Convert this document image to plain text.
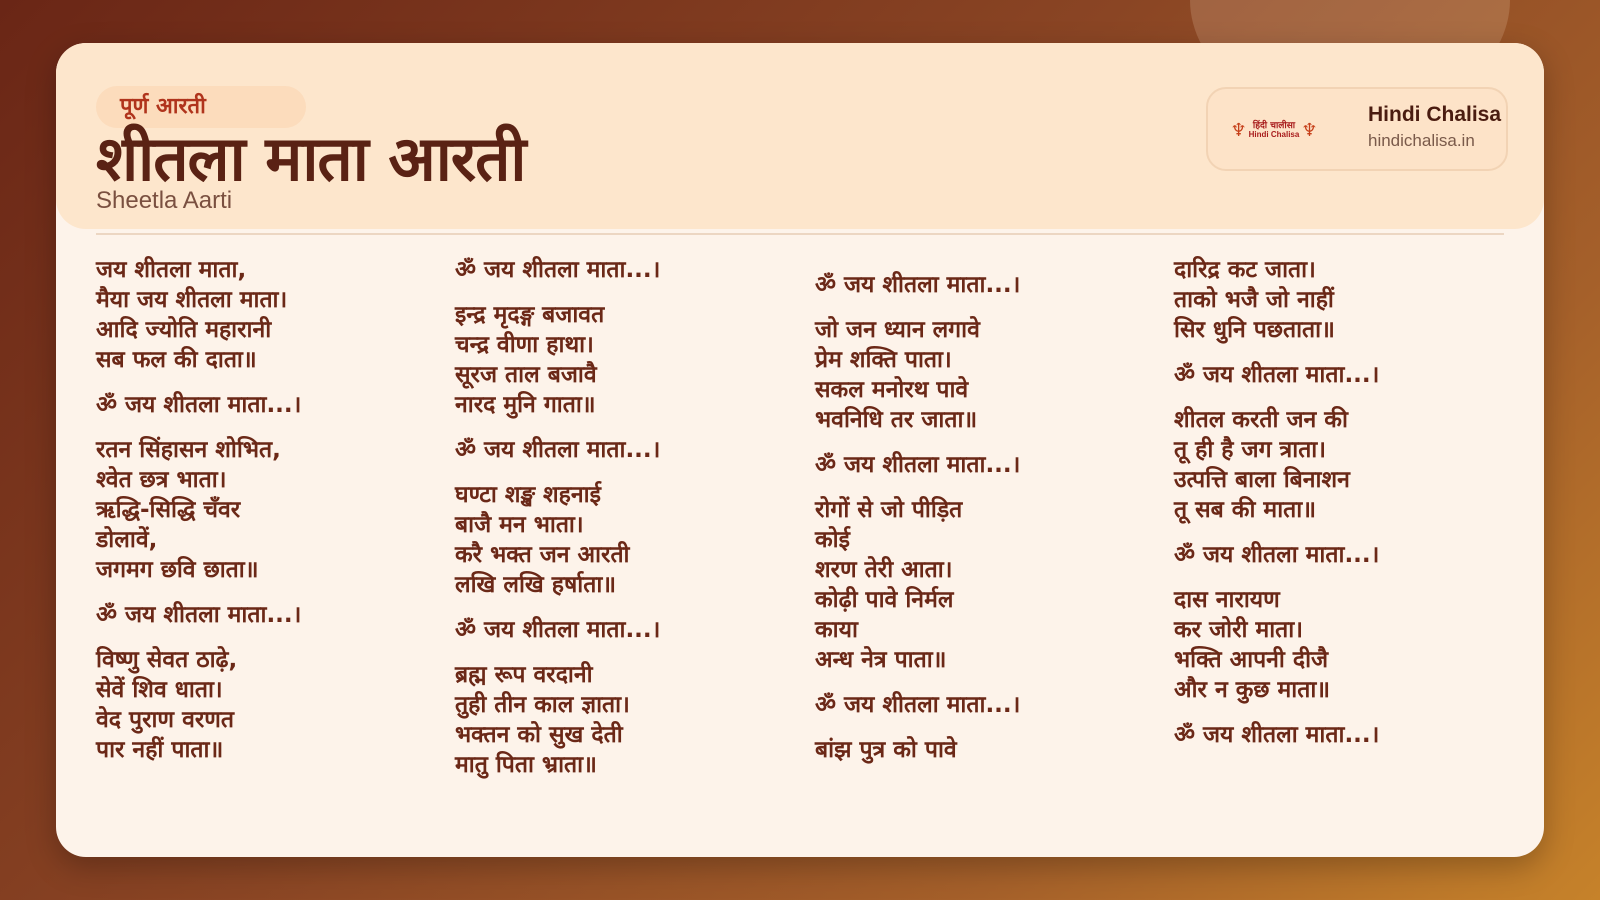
पूर्ण आरती
शीतला माता आरती
Sheetla Aarti
♆ हिंदी चालीसा
Hindi Chalisa ♆
Hindi Chalisa
hindichalisa.in
जय शीतला माता,
मैया जय शीतला माता।
आदि ज्योति महारानी
सब फल की दाता॥
ॐ जय शीतला माता...।
रतन सिंहासन शोभित,
श्वेत छत्र भाता।
ऋद्धि-सिद्धि चँवर
डोलावें,
जगमग छवि छाता॥
ॐ जय शीतला माता...।
विष्णु सेवत ठाढ़े,
सेवें शिव धाता।
वेद पुराण वरणत
पार नहीं पाता॥
ॐ जय शीतला माता...।
इन्द्र मृदङ्ग बजावत
चन्द्र वीणा हाथा।
सूरज ताल बजावै
नारद मुनि गाता॥
ॐ जय शीतला माता...।
घण्टा शङ्ख शहनाई
बाजै मन भाता।
करै भक्त जन आरती
लखि लखि हर्षाता॥
ॐ जय शीतला माता...।
ब्रह्म रूप वरदानी
तुही तीन काल ज्ञाता।
भक्तन को सुख देती
मातु पिता भ्राता॥
ॐ जय शीतला माता...।
जो जन ध्यान लगावे
प्रेम शक्ति पाता।
सकल मनोरथ पावे
भवनिधि तर जाता॥
ॐ जय शीतला माता...।
रोगों से जो पीड़ित
कोई
शरण तेरी आता।
कोढ़ी पावे निर्मल
काया
अन्ध नेत्र पाता॥
ॐ जय शीतला माता...।
बांझ पुत्र को पावे
दारिद्र कट जाता।
ताको भजै जो नाहीं
सिर धुनि पछताता॥
ॐ जय शीतला माता...।
शीतल करती जन की
तू ही है जग त्राता।
उत्पत्ति बाला बिनाशन
तू सब की माता॥
ॐ जय शीतला माता...।
दास नारायण
कर जोरी माता।
भक्ति आपनी दीजै
और न कुछ माता॥
ॐ जय शीतला माता...।
